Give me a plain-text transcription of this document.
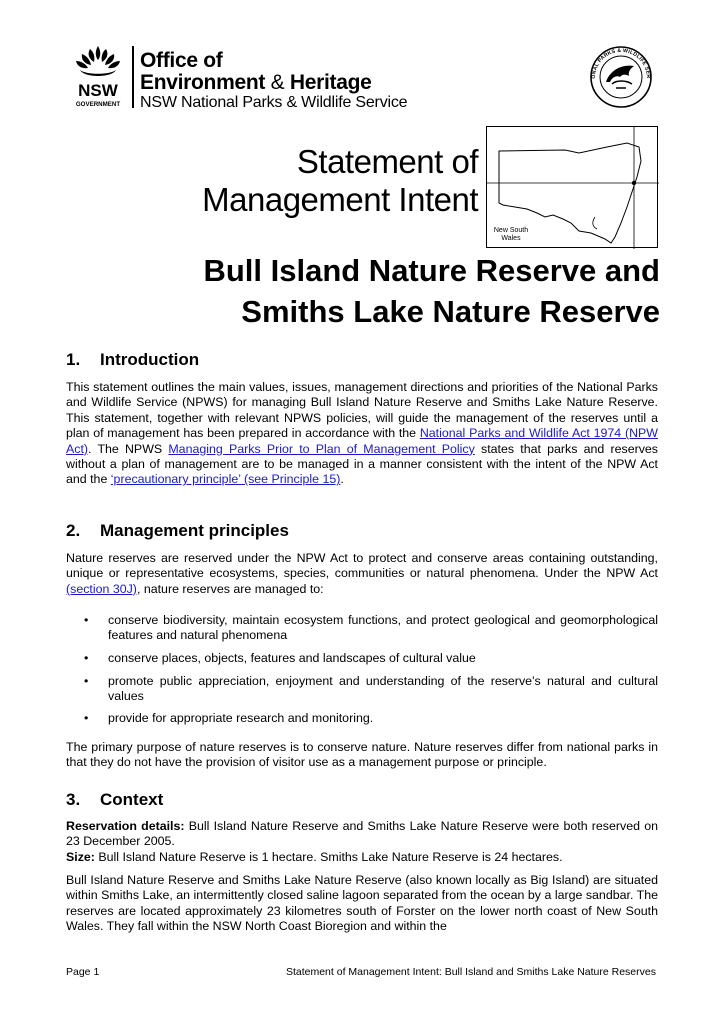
NSW
GOVERNMENT
Office of
Environment & Heritage
NSW National Parks & Wildlife Service
ONAL PARKS & WILDLIFE SER
Statement of
Management Intent
New South Wales
Bull Island Nature Reserve and
Smiths Lake Nature Reserve
1. Introduction
This statement outlines the main values, issues, management directions and priorities of the National Parks and Wildlife Service (NPWS) for managing Bull Island Nature Reserve and Smiths Lake Nature Reserve. This statement, together with relevant NPWS policies, will guide the management of the reserves until a plan of management has been prepared in accordance with the National Parks and Wildlife Act 1974 (NPW Act). The NPWS Managing Parks Prior to Plan of Management Policy states that parks and reserves without a plan of management are to be managed in a manner consistent with the intent of the NPW Act and the ‘precautionary principle’ (see Principle 15).
2. Management principles
Nature reserves are reserved under the NPW Act to protect and conserve areas containing outstanding, unique or representative ecosystems, species, communities or natural phenomena. Under the NPW Act (section 30J), nature reserves are managed to:
• conserve biodiversity, maintain ecosystem functions, and protect geological and geomorphological features and natural phenomena
• conserve places, objects, features and landscapes of cultural value
• promote public appreciation, enjoyment and understanding of the reserve’s natural and cultural values
• provide for appropriate research and monitoring.
The primary purpose of nature reserves is to conserve nature. Nature reserves differ from national parks in that they do not have the provision of visitor use as a management purpose or principle.
3. Context
Reservation details: Bull Island Nature Reserve and Smiths Lake Nature Reserve were both reserved on 23 December 2005.
Size: Bull Island Nature Reserve is 1 hectare. Smiths Lake Nature Reserve is 24 hectares.
Bull Island Nature Reserve and Smiths Lake Nature Reserve (also known locally as Big Island) are situated within Smiths Lake, an intermittently closed saline lagoon separated from the ocean by a large sandbar. The reserves are located approximately 23 kilometres south of Forster on the lower north coast of New South Wales. They fall within the NSW North Coast Bioregion and within the
Page 1	Statement of Management Intent: Bull Island and Smiths Lake Nature Reserves
